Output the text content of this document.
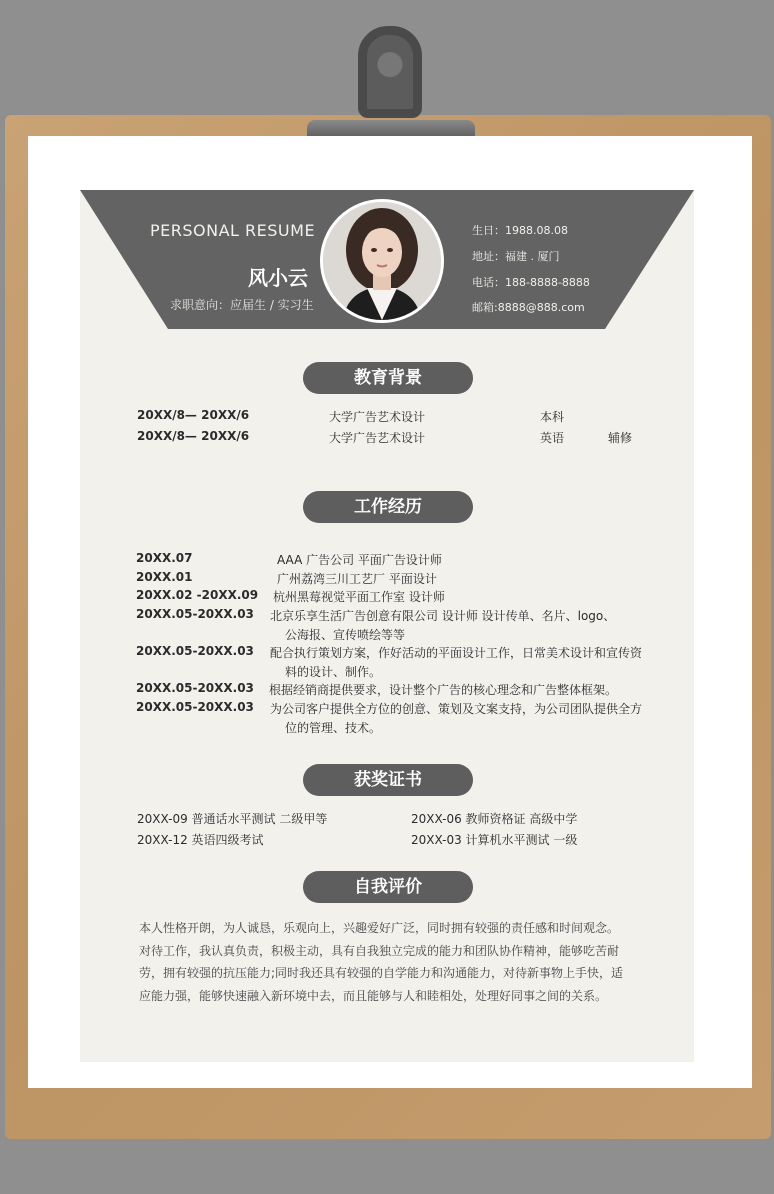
PERSONAL RESUME
风小云
求职意向：应届生 / 实习生
生日：1988.08.08
地址：福建 . 厦门
电话：188-8888-8888
邮箱:8888@888.com
教育背景
20XX/8— 20XX/6	大学广告艺术设计	本科
20XX/8— 20XX/6	大学广告艺术设计	英语	辅修
工作经历
20XX.07	AAA 广告公司 平面广告设计师
20XX.01	广州荔湾三川工艺厂 平面设计
20XX.02 -20XX.09 杭州黑莓视觉平面工作室 设计师
20XX.05-20XX.03 北京乐享生活广告创意有限公司 设计师 设计传单、名片、logo、
公海报、宣传喷绘等等
20XX.05-20XX.03 配合执行策划方案，作好活动的平面设计工作，日常美术设计和宣传资
料的设计、制作。
20XX.05-20XX.03 根据经销商提供要求，设计整个广告的核心理念和广告整体框架。
20XX.05-20XX.03 为公司客户提供全方位的创意、策划及文案支持，为公司团队提供全方
位的管理、技术。
获奖证书
20XX-09 普通话水平测试 二级甲等	20XX-06 教师资格证 高级中学
20XX-12 英语四级考试	20XX-03 计算机水平测试 一级
自我评价
本人性格开朗，为人诚恳，乐观向上，兴趣爱好广泛，同时拥有较强的责任感和时间观念。
对待工作，我认真负责，积极主动，具有自我独立完成的能力和团队协作精神，能够吃苦耐
劳，拥有较强的抗压能力;同时我还具有较强的自学能力和沟通能力，对待新事物上手快，适
应能力强，能够快速融入新环境中去，而且能够与人和睦相处，处理好同事之间的关系。
